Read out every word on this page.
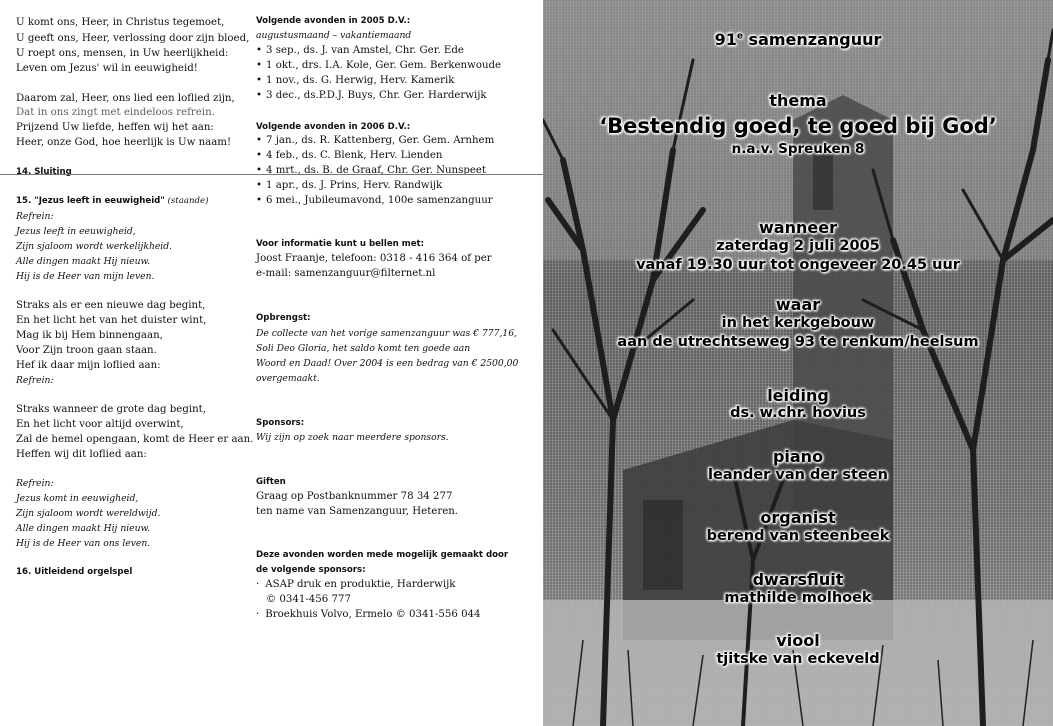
U komt ons, Heer, in Christus tegemoet,
U geeft ons, Heer, verlossing door zijn bloed,
U roept ons, mensen, in Uw heerlijkheid:
Leven om Jezus' wil in eeuwigheid!
Daarom zal, Heer, ons lied een loflied zijn,
Dat in ons zingt met eindeloos refrein.
Prijzend Uw liefde, heffen wij het aan:
Heer, onze God, hoe heerlijk is Uw naam!
14. Sluiting
15. "Jezus leeft in eeuwigheid" (staande)
Refrein:
Jezus leeft in eeuwigheid,
Zijn sjaloom wordt werkelijkheid.
Alle dingen maakt Hij nieuw.
Hij is de Heer van mijn leven.
Straks als er een nieuwe dag begint,
En het licht het van het duister wint,
Mag ik bij Hem binnengaan,
Voor Zijn troon gaan staan.
Hef ik daar mijn loflied aan:
Refrein:
Straks wanneer de grote dag begint,
En het licht voor altijd overwint,
Zal de hemel opengaan, komt de Heer er aan.
Heffen wij dit loflied aan:
Refrein:
Jezus komt in eeuwigheid,
Zijn sjaloom wordt wereldwijd.
Alle dingen maakt Hij nieuw.
Hij is de Heer van ons leven.
16. Uitleidend orgelspel
Volgende avonden in 2005 D.V.:
augustusmaand – vakantiemaand
• 3 sep., ds. J. van Amstel, Chr. Ger. Ede
• 1 okt., drs. I.A. Kole, Ger. Gem. Berkenwoude
• 1 nov., ds. G. Herwig, Herv. Kamerik
• 3 dec., ds.P.D.J. Buys, Chr. Ger. Harderwijk
Volgende avonden in 2006 D.V.:
• 7 jan., ds. R. Kattenberg, Ger. Gem. Arnhem
• 4 feb., ds. C. Blenk, Herv. Lienden
• 4 mrt., ds. B. de Graaf, Chr. Ger. Nunspeet
• 1 apr., ds. J. Prins, Herv. Randwijk
• 6 mei., Jubileumavond, 100e samenzanguur
Voor informatie kunt u bellen met:
Joost Fraanje, telefoon: 0318 - 416 364 of per
e-mail: samenzanguur@filternet.nl
Opbrengst:
De collecte van het vorige samenzanguur was € 777,16,
Soli Deo Gloria, het saldo komt ten goede aan
Woord en Daad! Over 2004 is een bedrag van € 2500,00
overgemaakt.
Sponsors:
Wij zijn op zoek naar meerdere sponsors.
Giften
Graag op Postbanknummer 78 34 277
ten name van Samenzanguur, Heteren.
Deze avonden worden mede mogelijk gemaakt door
de volgende sponsors:
· ASAP druk en produktie, Harderwijk
© 0341-456 777
· Broekhuis Volvo, Ermelo © 0341-556 044
91e samenzanguur
thema
‘Bestendig goed, te goed bij God’
n.a.v. Spreuken 8
wanneer
zaterdag 2 juli 2005
vanaf 19.30 uur tot ongeveer 20.45 uur
waar
in het kerkgebouw
aan de utrechtseweg 93 te renkum/heelsum
leiding
ds. w.chr. hovius
piano
leander van der steen
organist
berend van steenbeek
dwarsfluit
mathilde molhoek
viool
tjitske van eckeveld
